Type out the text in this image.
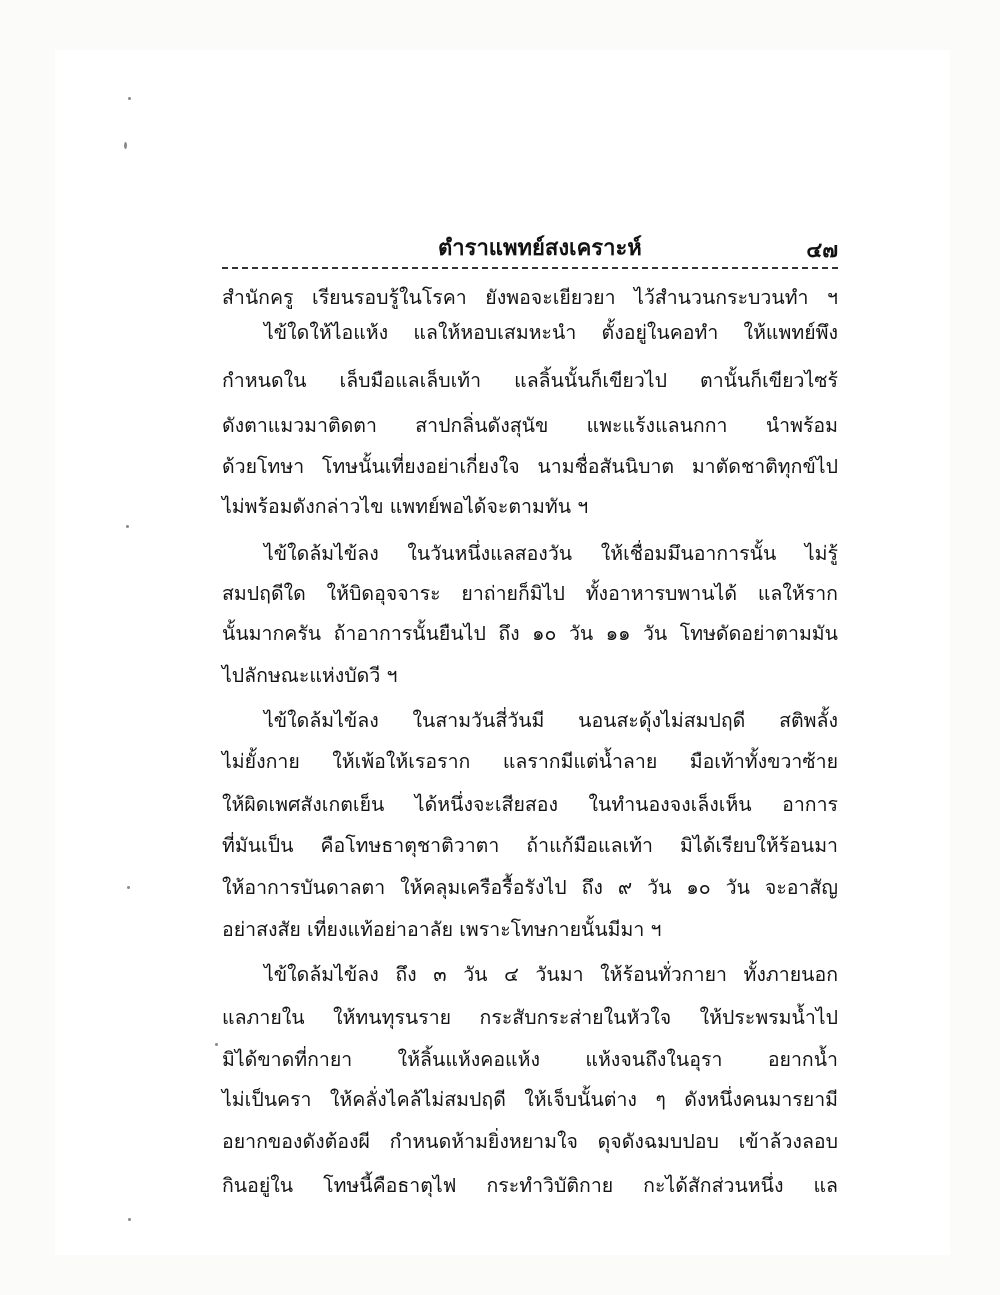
ตำราแพทย์สงเคราะห์	๔๗
สำนักครู เรียนรอบรู้ในโรคา ยังพอจะเยียวยา ไว้สำนวนกระบวนทำ ฯ
ไข้ใดให้ไอแห้ง แลให้หอบเสมหะนำ ตั้งอยู่ในคอทำ ให้แพทย์พึง
กำหนดใน เล็บมือแลเล็บเท้า แลลิ้นนั้นก็เขียวไป ตานั้นก็เขียวไซร้
ดังตาแมวมาติดตา สาปกลิ่นดังสุนัข แพะแร้งแลนกกา นำพร้อม
ด้วยโทษา โทษนั้นเที่ยงอย่าเกี่ยงใจ นามชื่อสันนิบาต มาตัดชาติทุกข์ไป
ไม่พร้อมดังกล่าวไข แพทย์พอได้จะตามทัน ฯ
ไข้ใดล้มไข้ลง ในวันหนึ่งแลสองวัน ให้เชื่อมมึนอาการนั้น ไม่รู้
สมปฤดีใด ให้บิดอุจจาระ ยาถ่ายก็มิไป ทั้งอาหารบพานได้ แลให้ราก
นั้นมากครัน ถ้าอาการนั้นยืนไป ถึง ๑๐ วัน ๑๑ วัน โทษดัดอย่าตามมัน
ไปลักษณะแห่งบัดวี ฯ
ไข้ใดล้มไข้ลง ในสามวันสี่วันมี นอนสะดุ้งไม่สมปฤดี สติพลั้ง
ไม่ยั้งกาย ให้เพ้อให้เรอราก แลรากมีแต่น้ำลาย มือเท้าทั้งขวาซ้าย
ให้ผิดเพศสังเกตเย็น ได้หนึ่งจะเสียสอง ในทำนองจงเล็งเห็น อาการ
ที่มันเป็น คือโทษธาตุชาติวาตา ถ้าแก้มือแลเท้า มิได้เรียบให้ร้อนมา
ให้อาการบันดาลตา ให้คลุมเครือรื้อรังไป ถึง ๙ วัน ๑๐ วัน จะอาสัญ
อย่าสงสัย เที่ยงแท้อย่าอาลัย เพราะโทษกายนั้นมีมา ฯ
ไข้ใดล้มไข้ลง ถึง ๓ วัน ๔ วันมา ให้ร้อนทั่วกายา ทั้งภายนอก
แลภายใน ให้ทนทุรนราย กระสับกระส่ายในหัวใจ ให้ประพรมน้ำไป
มิได้ขาดที่กายา ให้ลิ้นแห้งคอแห้ง แห้งจนถึงในอุรา อยากน้ำ
ไม่เป็นครา ให้คลั่งไคล้ไม่สมปฤดี ให้เจ็บนั้นต่าง ๆ ดังหนึ่งคนมารยามี
อยากของดังต้องผี กำหนดห้ามยิ่งหยามใจ ดุจดังฉมบปอบ เข้าล้วงลอบ
กินอยู่ใน โทษนี้คือธาตุไฟ กระทำวิบัติกาย กะได้สักส่วนหนึ่ง แล
